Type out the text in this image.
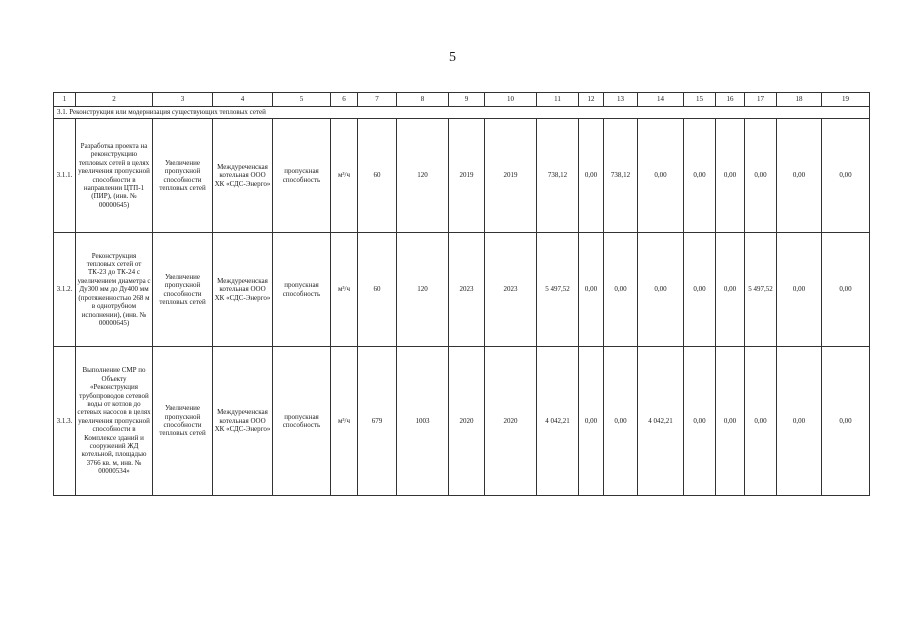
5
1	2	3	4	5	6	7	8	9	10	11	12	13	14	15	16	17	18	19
3.1. Реконструкция или модернизация существующих тепловых сетей																		
3.1.1.	Разработка проекта на реконструкцию тепловых сетей в целях увеличения пропускной способности в направлении ЦТП-1 (ПИР), (инв. № 00000645)	Увеличение пропускной способности тепловых сетей	Междуреченская котельная ООО ХК «СДС-Энерго»	пропускная способность	м³/ч	60	120	2019	2019	738,12	0,00	738,12	0,00	0,00	0,00	0,00	0,00	0,00
3.1.2.	Реконструкция тепловых сетей от ТК-23 до ТК-24 с увеличением диаметра с Ду300 мм до Ду400 мм (протяженностью 268 м в однотрубном исполнении), (инв. № 00000645)	Увеличение пропускной способности тепловых сетей	Междуреченская котельная ООО ХК «СДС-Энерго»	пропускная способность	м³/ч	60	120	2023	2023	5 497,52	0,00	0,00	0,00	0,00	0,00	5 497,52	0,00	0,00
3.1.3.	Выполнение СМР по Объекту «Реконструкция трубопроводов сетевой воды от котлов до сетевых насосов в целях увеличения пропускной способности в Комплексе зданий и сооружений ЖД котельной, площадью 3766 кв. м, инв. № 00000534»	Увеличение пропускной способности тепловых сетей	Междуреченская котельная ООО ХК «СДС-Энерго»	пропускная способность	м³/ч	679	1003	2020	2020	4 042,21	0,00	0,00	4 042,21	0,00	0,00	0,00	0,00	0,00
